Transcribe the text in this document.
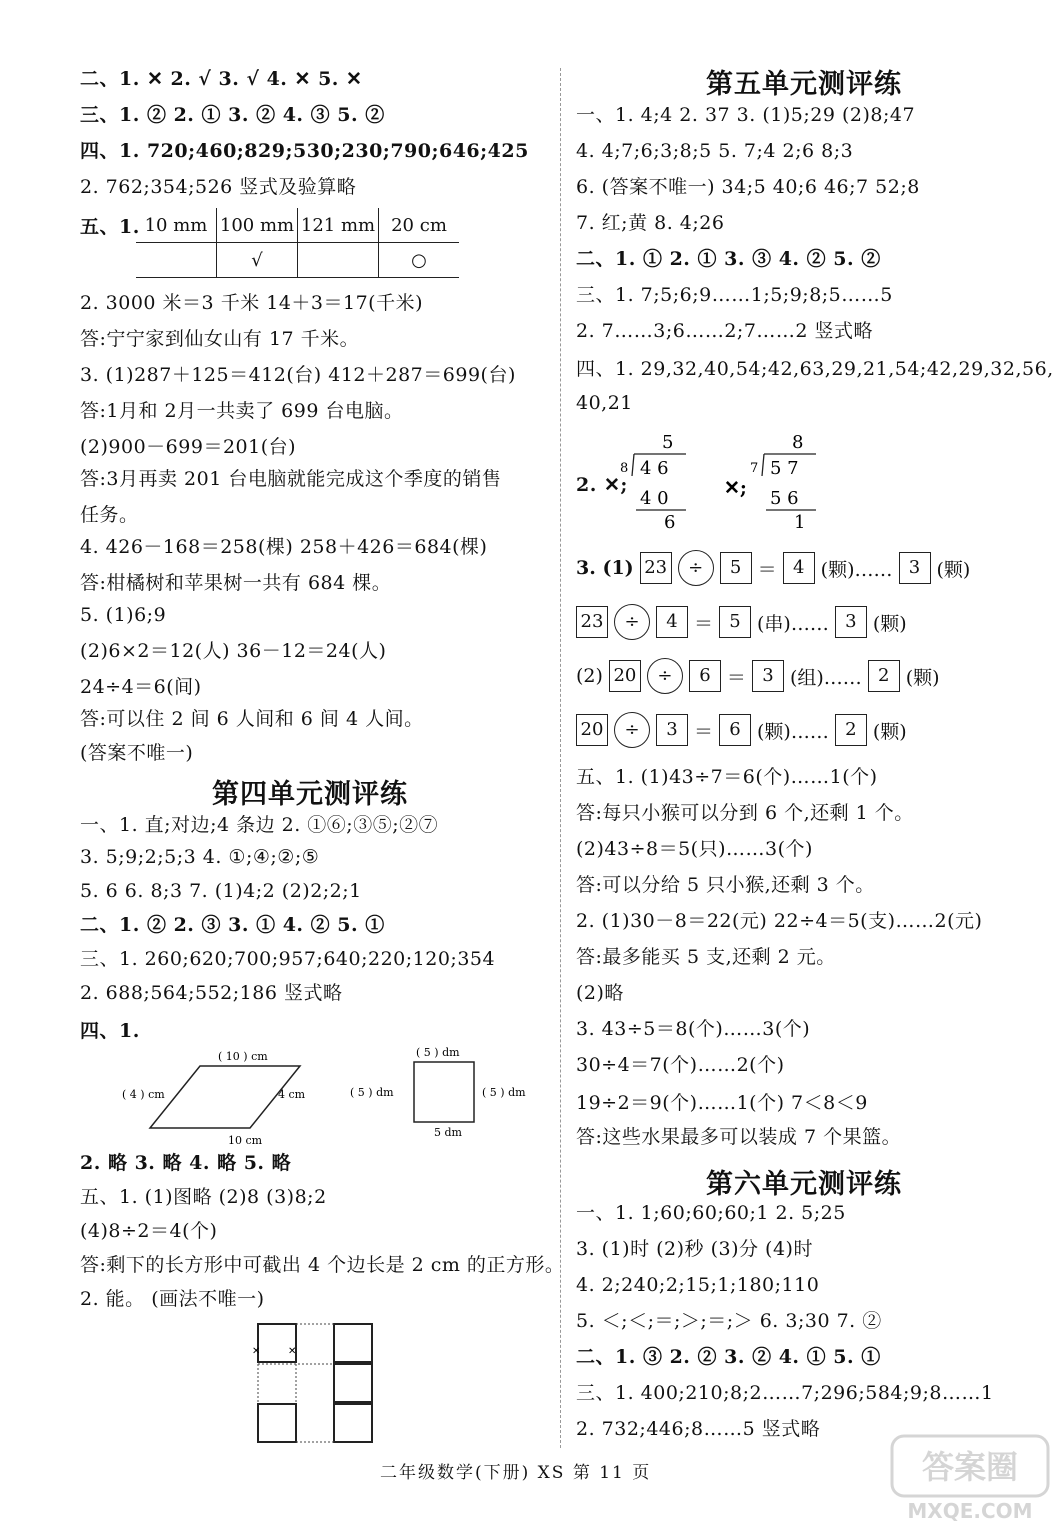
二、1. ✕ 2. √ 3. √ 4. ✕ 5. ✕
三、1. ② 2. ① 3. ② 4. ③ 5. ②
四、1. 720;460;829;530;230;790;646;425
2. 762;354;526 竖式及验算略
五、1. 10 mm	100 mm	121 mm	20 cm
	√		○
2. 3000 米＝3 千米 14＋3＝17(千米)
答:宁宁家到仙女山有 17 千米。
3. (1)287＋125＝412(台) 412＋287＝699(台)
答:1月和 2月一共卖了 699 台电脑。
(2)900－699＝201(台)
答:3月再卖 201 台电脑就能完成这个季度的销售
任务。
4. 426－168＝258(棵) 258＋426＝684(棵)
答:柑橘树和苹果树一共有 684 棵。
5. (1)6;9
(2)6×2＝12(人) 36－12＝24(人)
24÷4＝6(间)
答:可以住 2 间 6 人间和 6 间 4 人间。
(答案不唯一)
第四单元测评练
一、1. 直;对边;4 条边 2. ①⑥;③⑤;②⑦
3. 5;9;2;5;3 4. ①;④;②;⑤
5. 6 6. 8;3 7. (1)4;2 (2)2;2;1
二、1. ② 2. ③ 3. ① 4. ② 5. ①
三、1. 260;620;700;957;640;220;120;354
2. 688;564;552;186 竖式略
四、1.
( 10 ) cm
( 4 ) cm	4 cm
10 cm
( 5 ) dm
( 5 ) dm	( 5 ) dm
5 dm
2. 略 3. 略 4. 略 5. 略
五、1. (1)图略 (2)8 (3)8;2
(4)8÷2＝4(个)
答:剩下的长方形中可截出 4 个边长是 2 cm 的正方形。
2. 能。 (画法不唯一)
✕	✕
第五单元测评练
一、1. 4;4 2. 37 3. (1)5;29 (2)8;47
4. 4;7;6;3;8;5 5. 7;4 2;6 8;3
6. (答案不唯一) 34;5 40;6 46;7 52;8
7. 红;黄 8. 4;26
二、1. ① 2. ① 3. ③ 4. ② 5. ②
三、1. 7;5;6;9……1;5;9;8;5……5
2. 7……3;6……2;7……2 竖式略
四、1. 29,32,40,54;42,63,29,21,54;42,29,32,56,
40,21
2. ✕;
5
8 4 6
4 0
6
✕;
8
7 5 7
5 6
1
3. (1) 23	÷	5 ＝ 4 (颗)…… 3 (颗)
23	÷	4 ＝ 5 (串)…… 3 (颗)
(2) 20	÷	6 ＝ 3 (组)…… 2 (颗)
20	÷	3 ＝ 6 (颗)…… 2 (颗)
五、1. (1)43÷7＝6(个)……1(个)
答:每只小猴可以分到 6 个,还剩 1 个。
(2)43÷8＝5(只)……3(个)
答:可以分给 5 只小猴,还剩 3 个。
2. (1)30－8＝22(元) 22÷4＝5(支)……2(元)
答:最多能买 5 支,还剩 2 元。
(2)略
3. 43÷5＝8(个)……3(个)
30÷4＝7(个)……2(个)
19÷2＝9(个)……1(个) 7＜8＜9
答:这些水果最多可以装成 7 个果篮。
第六单元测评练
一、1. 1;60;60;60;1 2. 5;25
3. (1)时 (2)秒 (3)分 (4)时
4. 2;240;2;15;1;180;110
5. ＜;＜;＝;＞;＝;＞ 6. 3;30 7. ②
二、1. ③ 2. ② 3. ② 4. ① 5. ①
三、1. 400;210;8;2……7;296;584;9;8……1
2. 732;446;8……5 竖式略
二年级数学(下册) XS 第 11 页	答案圈
MXQE.COM
